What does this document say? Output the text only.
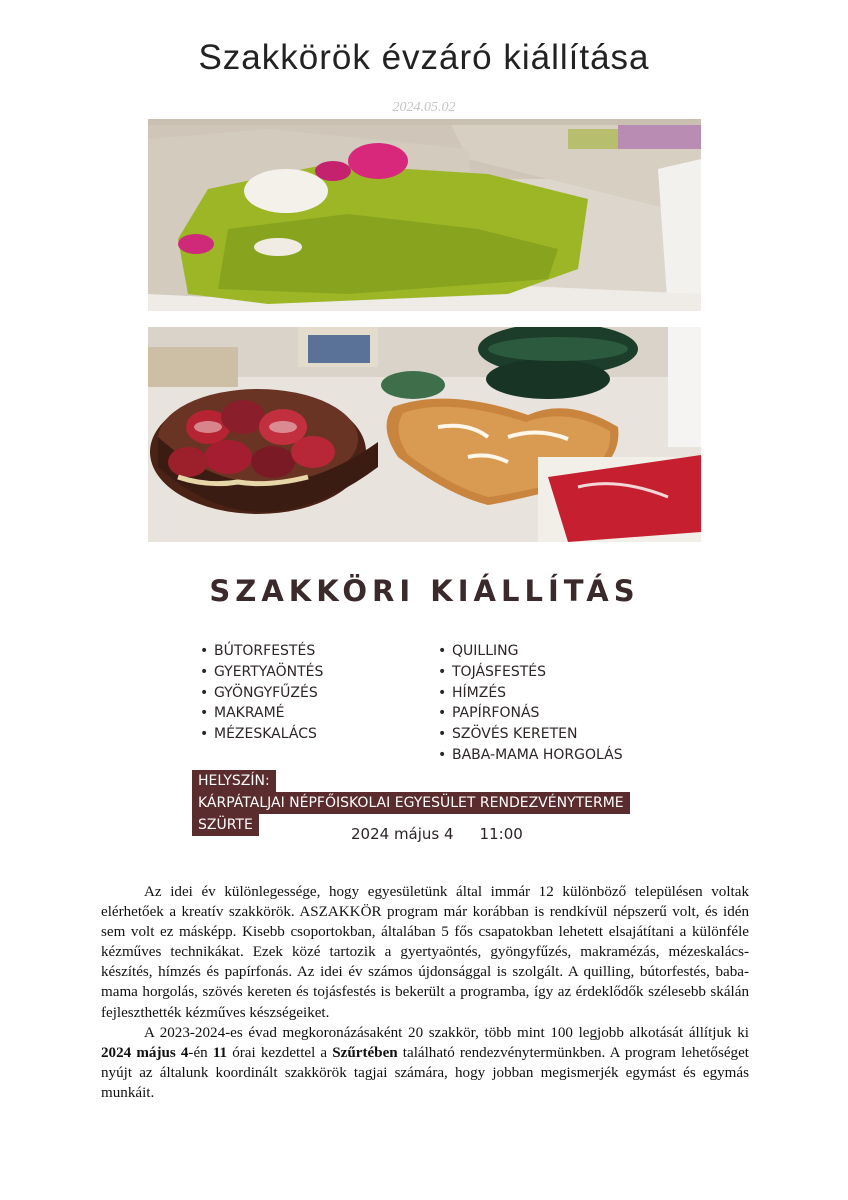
Szakkörök évzáró kiállítása
2024.05.02
SZAKKÖRI KIÁLLÍTÁS
• BÚTORFESTÉS
• GYERTYAÖNTÉS
• GYÖNGYFŰZÉS
• MAKRAMÉ
• MÉZESKALÁCS
• QUILLING
• TOJÁSFESTÉS
• HÍMZÉS
• PAPÍRFONÁS
• SZÖVÉS KERETEN
• BABA-MAMA HORGOLÁS
HELYSZÍN:
KÁRPÁTALJAI NÉPFŐISKOLAI EGYESÜLET RENDEZVÉNYTERME
SZÜRTE	2024 május 4 11:00

Az idei év különlegessége, hogy egyesületünk által immár 12 különböző településen voltak elérhetőek a kreatív szakkörök. ASZAKKÖR program már korábban is rendkívül népszerű volt, és idén sem volt ez másképp. Kisebb csoportokban, általában 5 fős csapatokban lehetett elsajátítani a különféle kézműves technikákat. Ezek közé tartozik a gyertyaöntés, gyöngyfűzés, makramézás, mézeskalács-készítés, hímzés és papírfonás. Az idei év számos újdonsággal is szolgált. A quilling, bútorfestés, baba-mama horgolás, szövés kereten és tojásfestés is bekerült a programba, így az érdeklődők szélesebb skálán fejleszthették kézműves készségeiket.

A 2023-2024-es évad megkoronázásaként 20 szakkör, több mint 100 legjobb alkotását állítjuk ki 2024 május 4-én 11 órai kezdettel a Szűrtében található rendezvénytermünkben. A program lehetőséget nyújt az általunk koordinált szakkörök tagjai számára, hogy jobban megismerjék egymást és egymás munkáit.
